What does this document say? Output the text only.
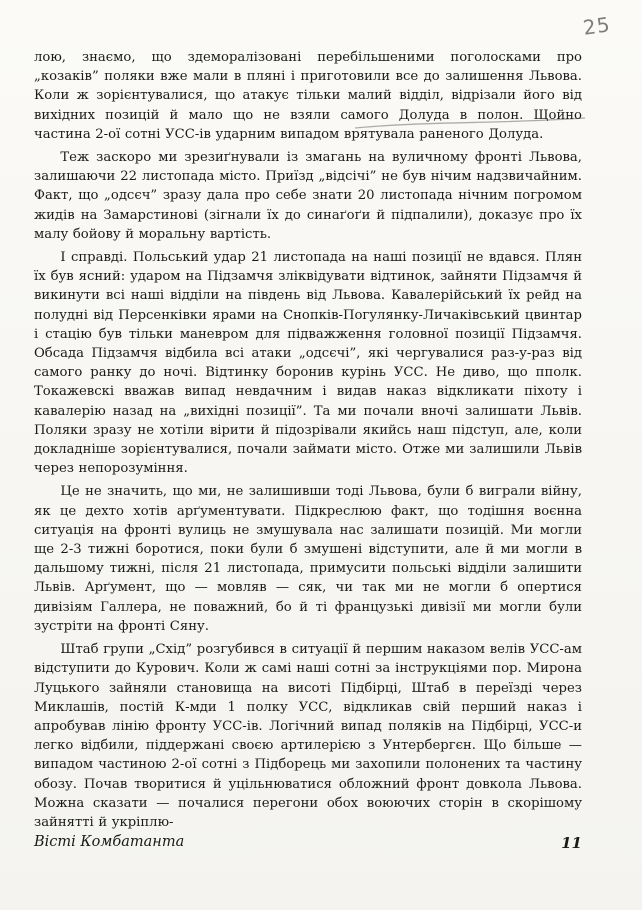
25

лою, знаємо, що здеморалізовані перебільшеними поголосками про „козаків” поляки вже мали в пляні і приготовили все до залишення Львова. Коли ж зорієнтувалися, що атакує тільки малий відділ, відрізали його від вихідних позицій й мало що не взяли самого Долуда в полон. Щойно частина 2-ої сотні УСС-ів ударним випадом врятувала раненого Долуда.

Теж заскоро ми зрезиґнували із змагань на вуличному фронті Львова, залишаючи 22 листопада місто. Приїзд „відсічі” не був нічим надзвичайним. Факт, що „одсєч” зразу дала про себе знати 20 листопада нічним погромом жидів на Замарстинові (зігнали їх до синаґоґи й підпалили), доказує про їх малу бойову й моральну вартість.

І справді. Польський удар 21 листопада на наші позиції не вдався. Плян їх був ясний: ударом на Підзамчя зліквідувати відтинок, зайняти Підзамчя й викинути всі наші відділи на південь від Львова. Кавалерійський їх рейд на полудні від Персенківки ярами на Снопків-Погулянку-Личаківський цвинтар і стацію був тільки маневром для підважження головної позиції Підзамчя. Обсада Підзамчя відбила всі атаки „одсєчі”, які чергувалися раз-у-раз від самого ранку до ночі. Відтинку боронив курінь УСС. Не диво, що пполк. Токажевскі вважав випад невдачним і видав наказ відкликати піхоту і кавалерію назад на „вихідні позиції”. Та ми почали вночі залишати Львів. Поляки зразу не хотіли вірити й підозрівали якийсь наш підступ, але, коли докладніше зорієнтувалися, почали займати місто. Отже ми залишили Львів через непорозуміння.

Це не значить, що ми, не залишивши тоді Львова, були б виграли війну, як це дехто хотів арґументувати. Підкреслюю факт, що тодішня воєнна ситуація на фронті вулиць не змушувала нас залишати позицій. Ми могли ще 2-3 тижні боротися, поки були б змушені відступити, але й ми могли в дальшому тижні, після 21 листопада, примусити польські відділи залишити Львів. Арґумент, що — мовляв — сяк, чи так ми не могли б опертися дивізіям Галлера, не поважний, бо й ті французькі дивізії ми могли були зустріти на фронті Сяну.

Штаб групи „Схід” розгубився в ситуації й першим наказом велів УСС-ам відступити до Курович. Коли ж самі наші сотні за інструкціями пор. Мирона Луцького зайняли становища на висоті Підбірці, Штаб в переїзді через Миклашів, постій К-мди 1 полку УСС, відкликав свій перший наказ і апробував лінію фронту УСС-ів. Логічний випад поляків на Підбірці, УСС-и легко відбили, піддержані своєю артилерією з Унтербергєн. Що більше — випадом частиною 2-ої сотні з Підборець ми захопили полонених та частину обозу. Почав творитися й уцільнюватися обложний фронт довкола Львова. Можна сказати — почалися перегони обох воюючих сторін в скорішому зайнятті й укріплю-

Вісті Комбатанта	11
